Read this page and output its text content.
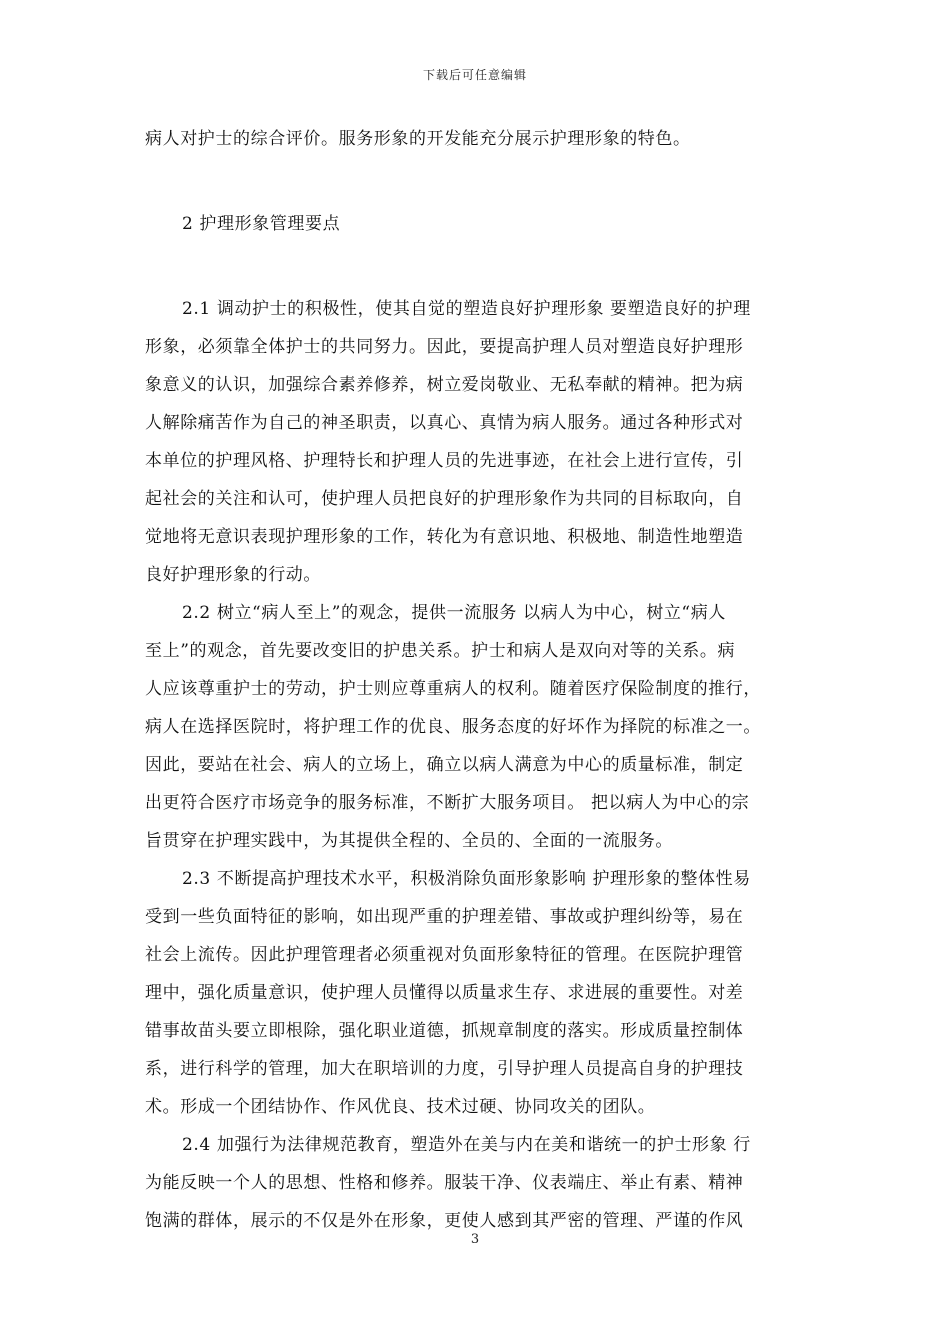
下载后可任意编辑
病人对护士的综合评价。服务形象的开发能充分展示护理形象的特色。
2 护理形象管理要点
2.1 调动护士的积极性，使其自觉的塑造良好护理形象 要塑造良好的护理
形象，必须靠全体护士的共同努力。因此，要提高护理人员对塑造良好护理形
象意义的认识，加强综合素养修养，树立爱岗敬业、无私奉献的精神。把为病
人解除痛苦作为自己的神圣职责，以真心、真情为病人服务。通过各种形式对
本单位的护理风格、护理特长和护理人员的先进事迹，在社会上进行宣传，引
起社会的关注和认可，使护理人员把良好的护理形象作为共同的目标取向，自
觉地将无意识表现护理形象的工作，转化为有意识地、积极地、制造性地塑造
良好护理形象的行动。
2.2 树立“病人至上”的观念，提供一流服务 以病人为中心，树立“病人
至上”的观念，首先要改变旧的护患关系。护士和病人是双向对等的关系。病
人应该尊重护士的劳动，护士则应尊重病人的权利。随着医疗保险制度的推行，
病人在选择医院时，将护理工作的优良、服务态度的好坏作为择院的标准之一。
因此，要站在社会、病人的立场上，确立以病人满意为中心的质量标准，制定
出更符合医疗市场竞争的服务标准，不断扩大服务项目。 把以病人为中心的宗
旨贯穿在护理实践中，为其提供全程的、全员的、全面的一流服务。
2.3 不断提高护理技术水平，积极消除负面形象影响 护理形象的整体性易
受到一些负面特征的影响，如出现严重的护理差错、事故或护理纠纷等，易在
社会上流传。因此护理管理者必须重视对负面形象特征的管理。在医院护理管
理中，强化质量意识，使护理人员懂得以质量求生存、求进展的重要性。对差
错事故苗头要立即根除，强化职业道德，抓规章制度的落实。形成质量控制体
系，进行科学的管理，加大在职培训的力度，引导护理人员提高自身的护理技
术。形成一个团结协作、作风优良、技术过硬、协同攻关的团队。
2.4 加强行为法律规范教育，塑造外在美与内在美和谐统一的护士形象 行
为能反映一个人的思想、性格和修养。服装干净、仪表端庄、举止有素、精神
饱满的群体，展示的不仅是外在形象，更使人感到其严密的管理、严谨的作风
3
